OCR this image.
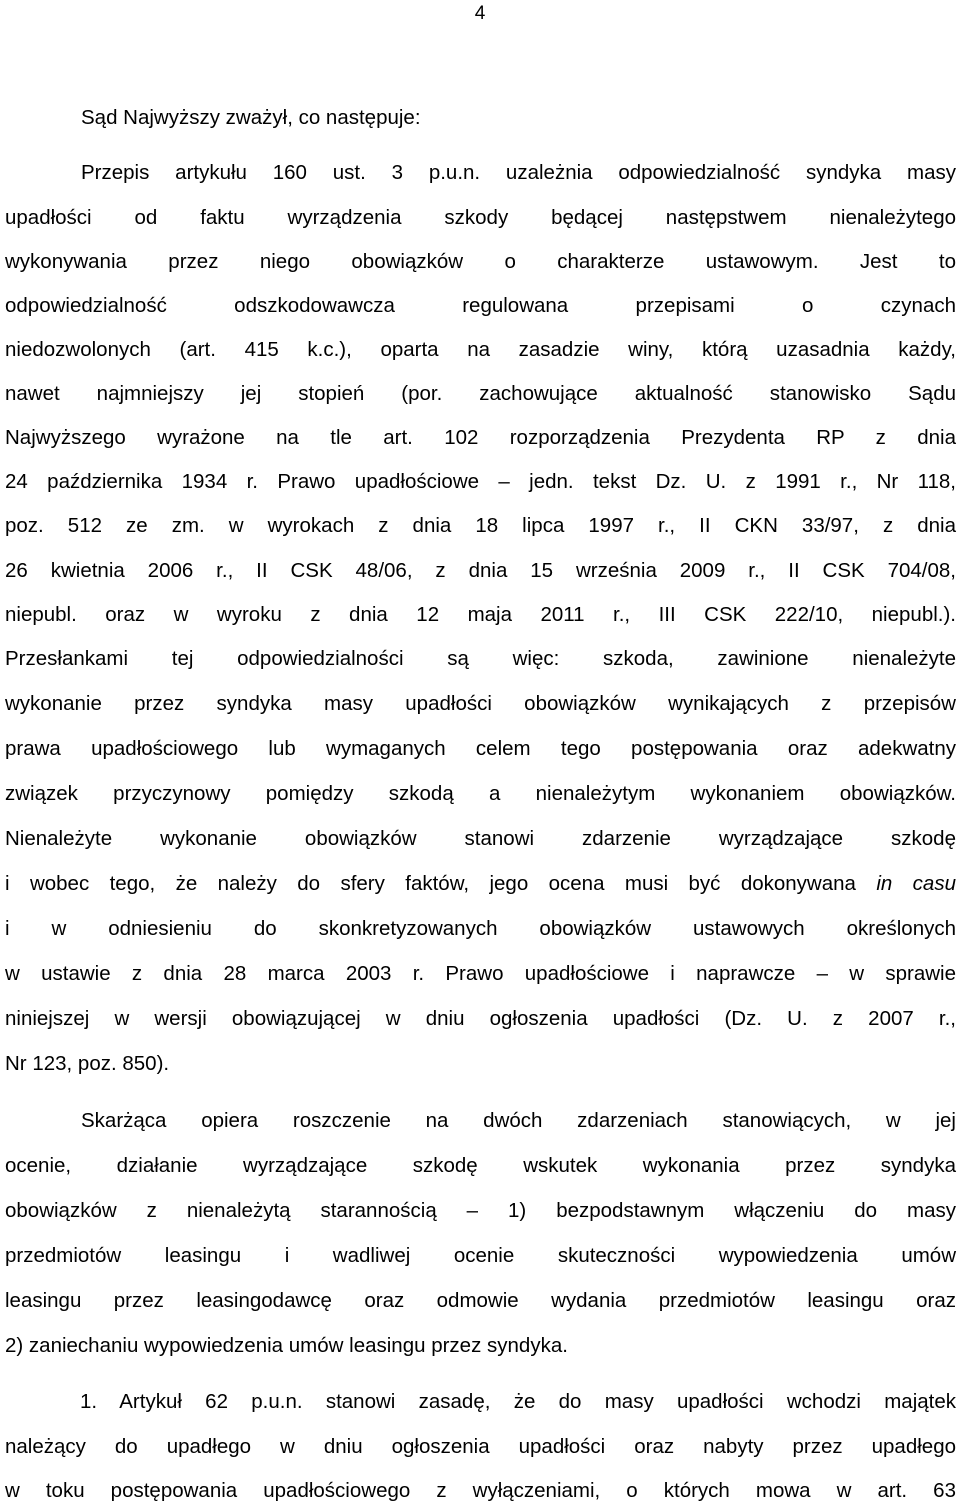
4
Sąd Najwyższy zważył, co następuje:
Przepis artykułu 160 ust. 3 p.u.n. uzależnia odpowiedzialność syndyka masy
upadłości od faktu wyrządzenia szkody będącej następstwem nienależytego
wykonywania przez niego obowiązków o charakterze ustawowym. Jest to
odpowiedzialność odszkodowawcza regulowana przepisami o czynach
niedozwolonych (art. 415 k.c.), oparta na zasadzie winy, którą uzasadnia każdy,
nawet najmniejszy jej stopień (por. zachowujące aktualność stanowisko Sądu
Najwyższego wyrażone na tle art. 102 rozporządzenia Prezydenta RP z dnia
24 października 1934 r. Prawo upadłościowe – jedn. tekst Dz. U. z 1991 r., Nr 118,
poz. 512 ze zm. w wyrokach z dnia 18 lipca 1997 r., II CKN 33/97, z dnia
26 kwietnia 2006 r., II CSK 48/06, z dnia 15 września 2009 r., II CSK 704/08,
niepubl. oraz w wyroku z dnia 12 maja 2011 r., III CSK 222/10, niepubl.).
Przesłankami tej odpowiedzialności są więc: szkoda, zawinione nienależyte
wykonanie przez syndyka masy upadłości obowiązków wynikających z przepisów
prawa upadłościowego lub wymaganych celem tego postępowania oraz adekwatny
związek przyczynowy pomiędzy szkodą a nienależytym wykonaniem obowiązków.
Nienależyte wykonanie obowiązków stanowi zdarzenie wyrządzające szkodę
i wobec tego, że należy do sfery faktów, jego ocena musi być dokonywana in casu
i w odniesieniu do skonkretyzowanych obowiązków ustawowych określonych
w ustawie z dnia 28 marca 2003 r. Prawo upadłościowe i naprawcze – w sprawie
niniejszej w wersji obowiązującej w dniu ogłoszenia upadłości (Dz. U. z 2007 r.,
Nr 123, poz. 850).
Skarżąca opiera roszczenie na dwóch zdarzeniach stanowiących, w jej
ocenie, działanie wyrządzające szkodę wskutek wykonania przez syndyka
obowiązków z nienależytą starannością – 1) bezpodstawnym włączeniu do masy
przedmiotów leasingu i wadliwej ocenie skuteczności wypowiedzenia umów
leasingu przez leasingodawcę oraz odmowie wydania przedmiotów leasingu oraz
2) zaniechaniu wypowiedzenia umów leasingu przez syndyka.
1. Artykuł 62 p.u.n. stanowi zasadę, że do masy upadłości wchodzi majątek
należący do upadłego w dniu ogłoszenia upadłości oraz nabyty przez upadłego
w toku postępowania upadłościowego z wyłączeniami, o których mowa w art. 63
